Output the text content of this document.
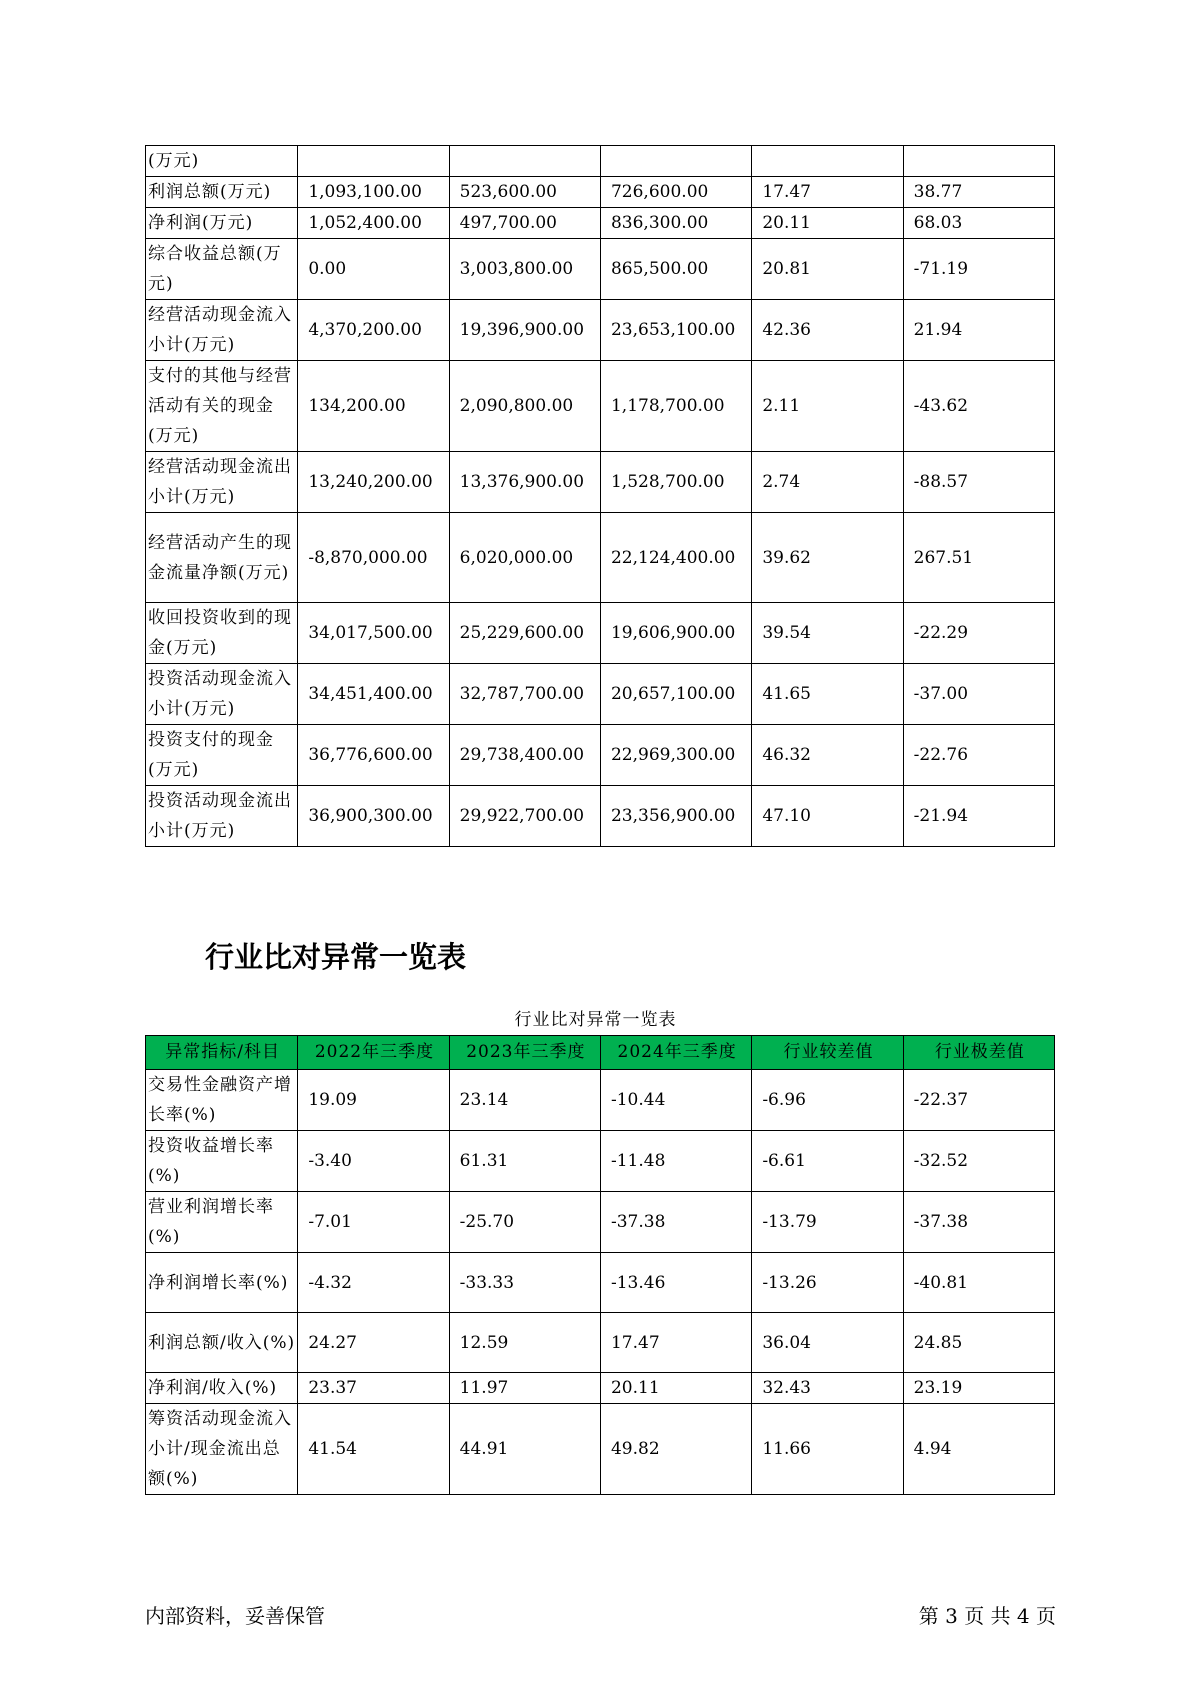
(万元)					
利润总额(万元)	1,093,100.00	523,600.00	726,600.00	17.47	38.77
净利润(万元)	1,052,400.00	497,700.00	836,300.00	20.11	68.03
综合收益总额(万元)	0.00	3,003,800.00	865,500.00	20.81	-71.19
经营活动现金流入小计(万元)	4,370,200.00	19,396,900.00	23,653,100.00	42.36	21.94
支付的其他与经营活动有关的现金(万元)	134,200.00	2,090,800.00	1,178,700.00	2.11	-43.62
经营活动现金流出小计(万元)	13,240,200.00	13,376,900.00	1,528,700.00	2.74	-88.57
经营活动产生的现金流量净额(万元)	-8,870,000.00	6,020,000.00	22,124,400.00	39.62	267.51
收回投资收到的现金(万元)	34,017,500.00	25,229,600.00	19,606,900.00	39.54	-22.29
投资活动现金流入小计(万元)	34,451,400.00	32,787,700.00	20,657,100.00	41.65	-37.00
投资支付的现金(万元)	36,776,600.00	29,738,400.00	22,969,300.00	46.32	-22.76
投资活动现金流出小计(万元)	36,900,300.00	29,922,700.00	23,356,900.00	47.10	-21.94
行业比对异常一览表
行业比对异常一览表
异常指标/科目	2022年三季度	2023年三季度	2024年三季度	行业较差值	行业极差值
交易性金融资产增长率(%)	19.09	23.14	-10.44	-6.96	-22.37
投资收益增长率(%)	-3.40	61.31	-11.48	-6.61	-32.52
营业利润增长率(%)	-7.01	-25.70	-37.38	-13.79	-37.38
净利润增长率(%)	-4.32	-33.33	-13.46	-13.26	-40.81
利润总额/收入(%)	24.27	12.59	17.47	36.04	24.85
净利润/收入(%)	23.37	11.97	20.11	32.43	23.19
筹资活动现金流入小计/现金流出总额(%)	41.54	44.91	49.82	11.66	4.94
内部资料，妥善保管	第 3 页 共 4 页
